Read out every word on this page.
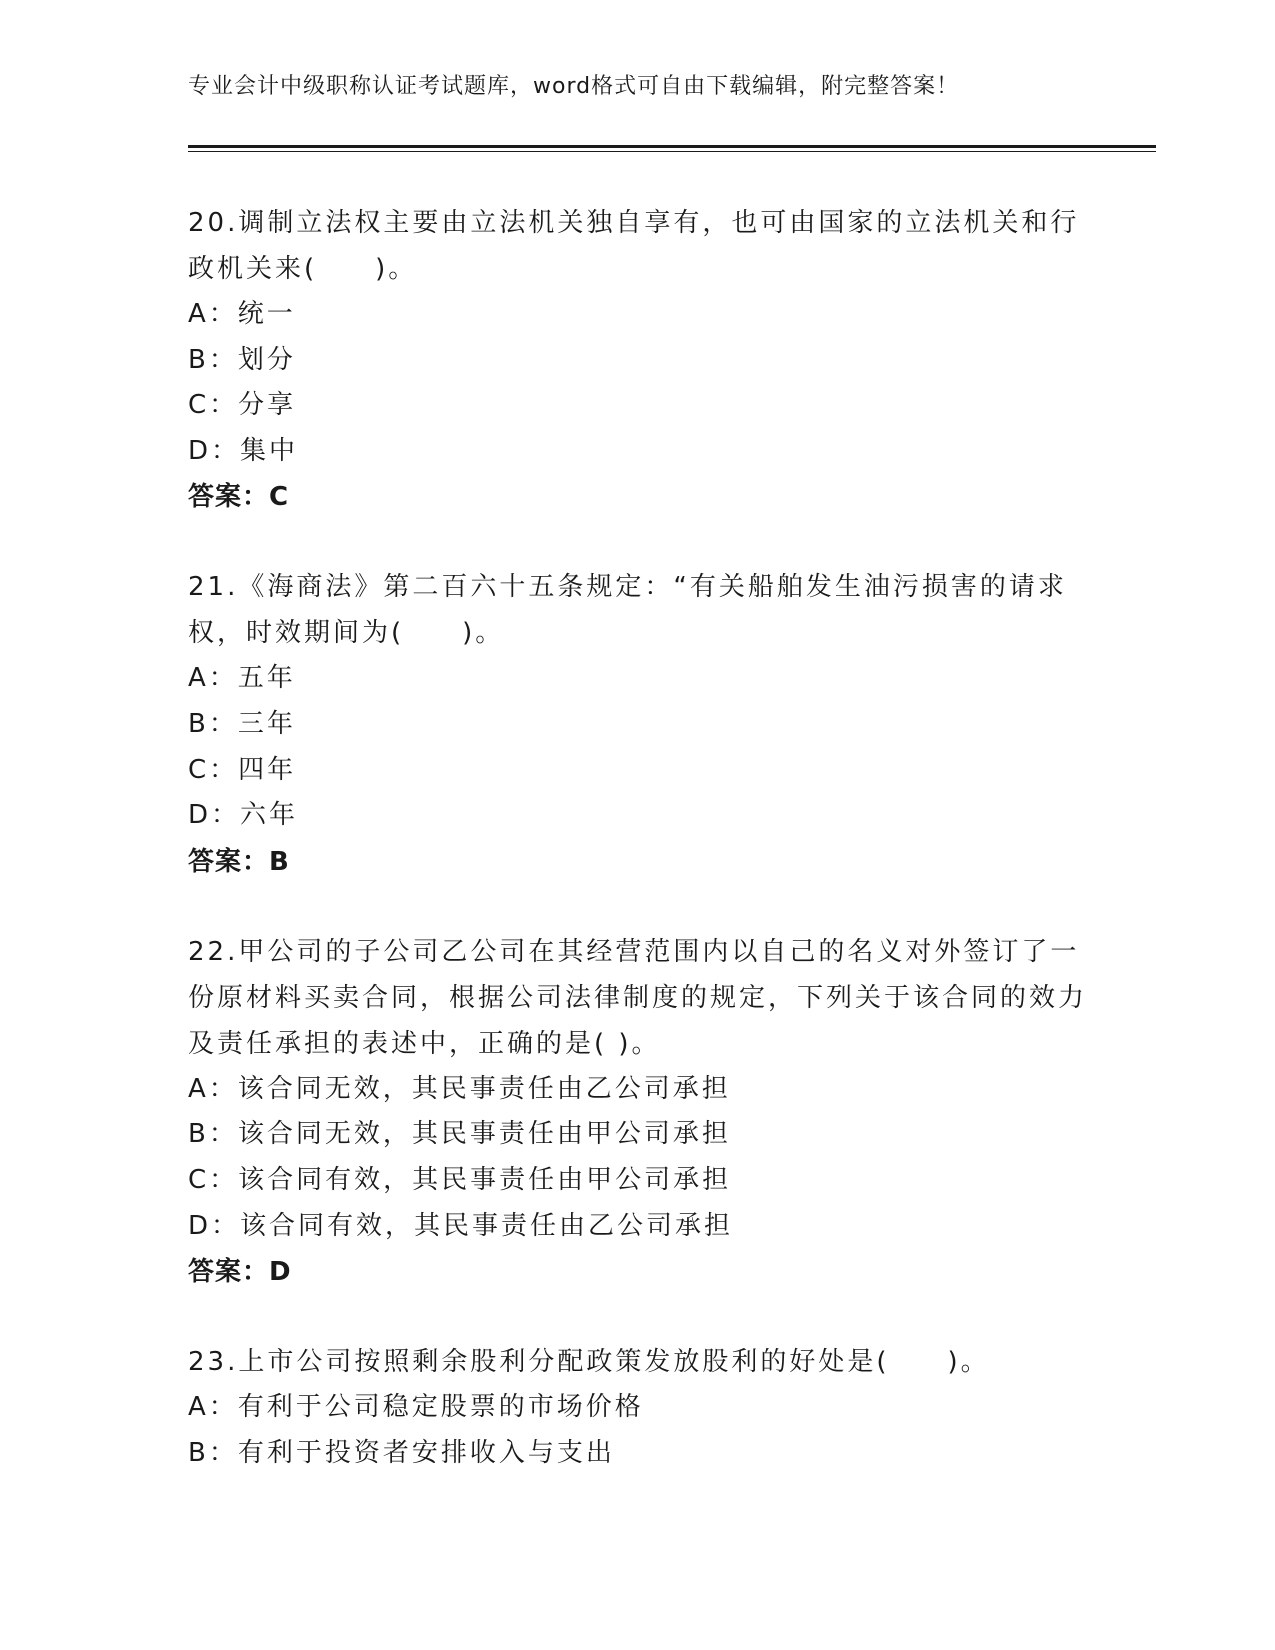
专业会计中级职称认证考试题库，word格式可自由下载编辑，附完整答案！

20.调制立法权主要由立法机关独自享有，也可由国家的立法机关和行政机关来(　　)。

A：统一
B：划分
C：分享
D：集中
答案：C

21.《海商法》第二百六十五条规定：“有关船舶发生油污损害的请求权，时效期间为(　　)。

A：五年
B：三年
C：四年
D：六年
答案：B

22.甲公司的子公司乙公司在其经营范围内以自己的名义对外签订了一份原材料买卖合同，根据公司法律制度的规定，下列关于该合同的效力及责任承担的表述中，正确的是( )。

A：该合同无效，其民事责任由乙公司承担
B：该合同无效，其民事责任由甲公司承担
C：该合同有效，其民事责任由甲公司承担
D：该合同有效，其民事责任由乙公司承担
答案：D

23.上市公司按照剩余股利分配政策发放股利的好处是(　　)。

A：有利于公司稳定股票的市场价格
B：有利于投资者安排收入与支出
